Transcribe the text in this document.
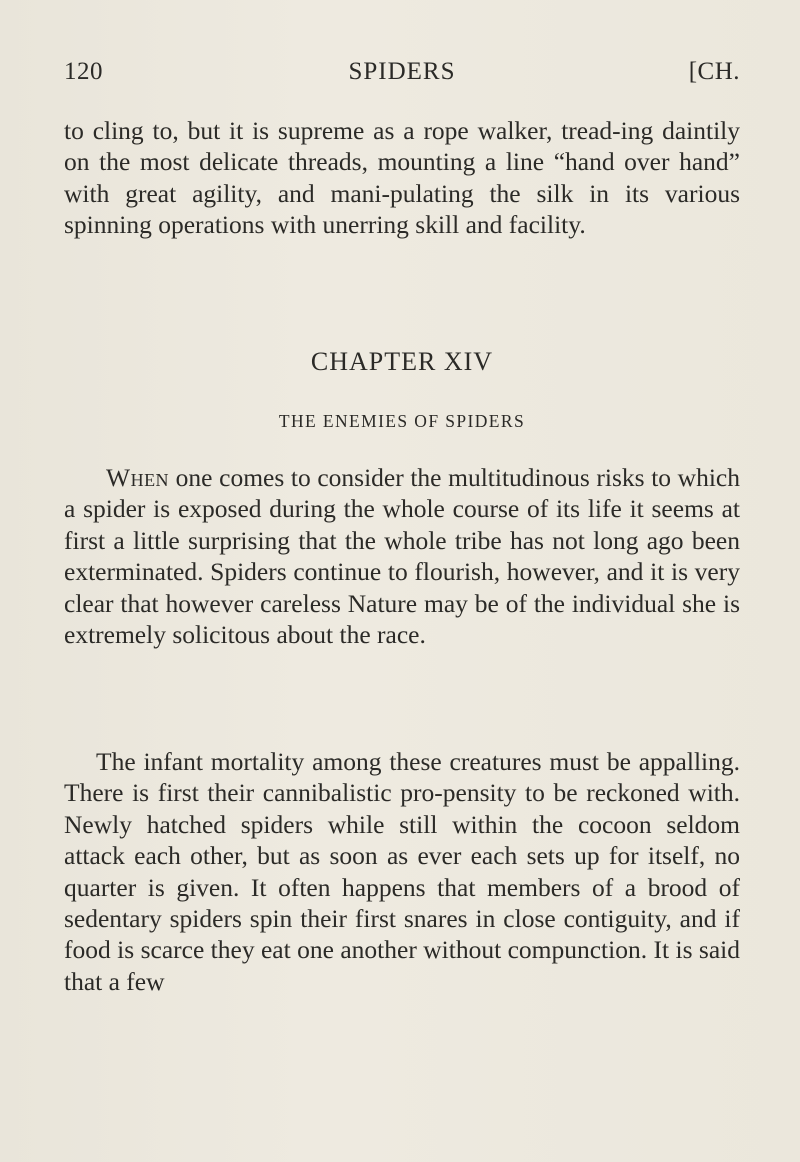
120	SPIDERS	[CH.

to cling to, but it is supreme as a rope walker, tread-ing daintily on the most delicate threads, mounting a line “hand over hand” with great agility, and mani-pulating the silk in its various spinning operations with unerring skill and facility.

CHAPTER XIV
THE ENEMIES OF SPIDERS

When one comes to consider the multitudinous risks to which a spider is exposed during the whole course of its life it seems at first a little surprising that the whole tribe has not long ago been exterminated. Spiders continue to flourish, however, and it is very clear that however careless Nature may be of the individual she is extremely solicitous about the race.

The infant mortality among these creatures must be appalling. There is first their cannibalistic pro-pensity to be reckoned with. Newly hatched spiders while still within the cocoon seldom attack each other, but as soon as ever each sets up for itself, no quarter is given. It often happens that members of a brood of sedentary spiders spin their first snares in close contiguity, and if food is scarce they eat one another without compunction. It is said that a few
